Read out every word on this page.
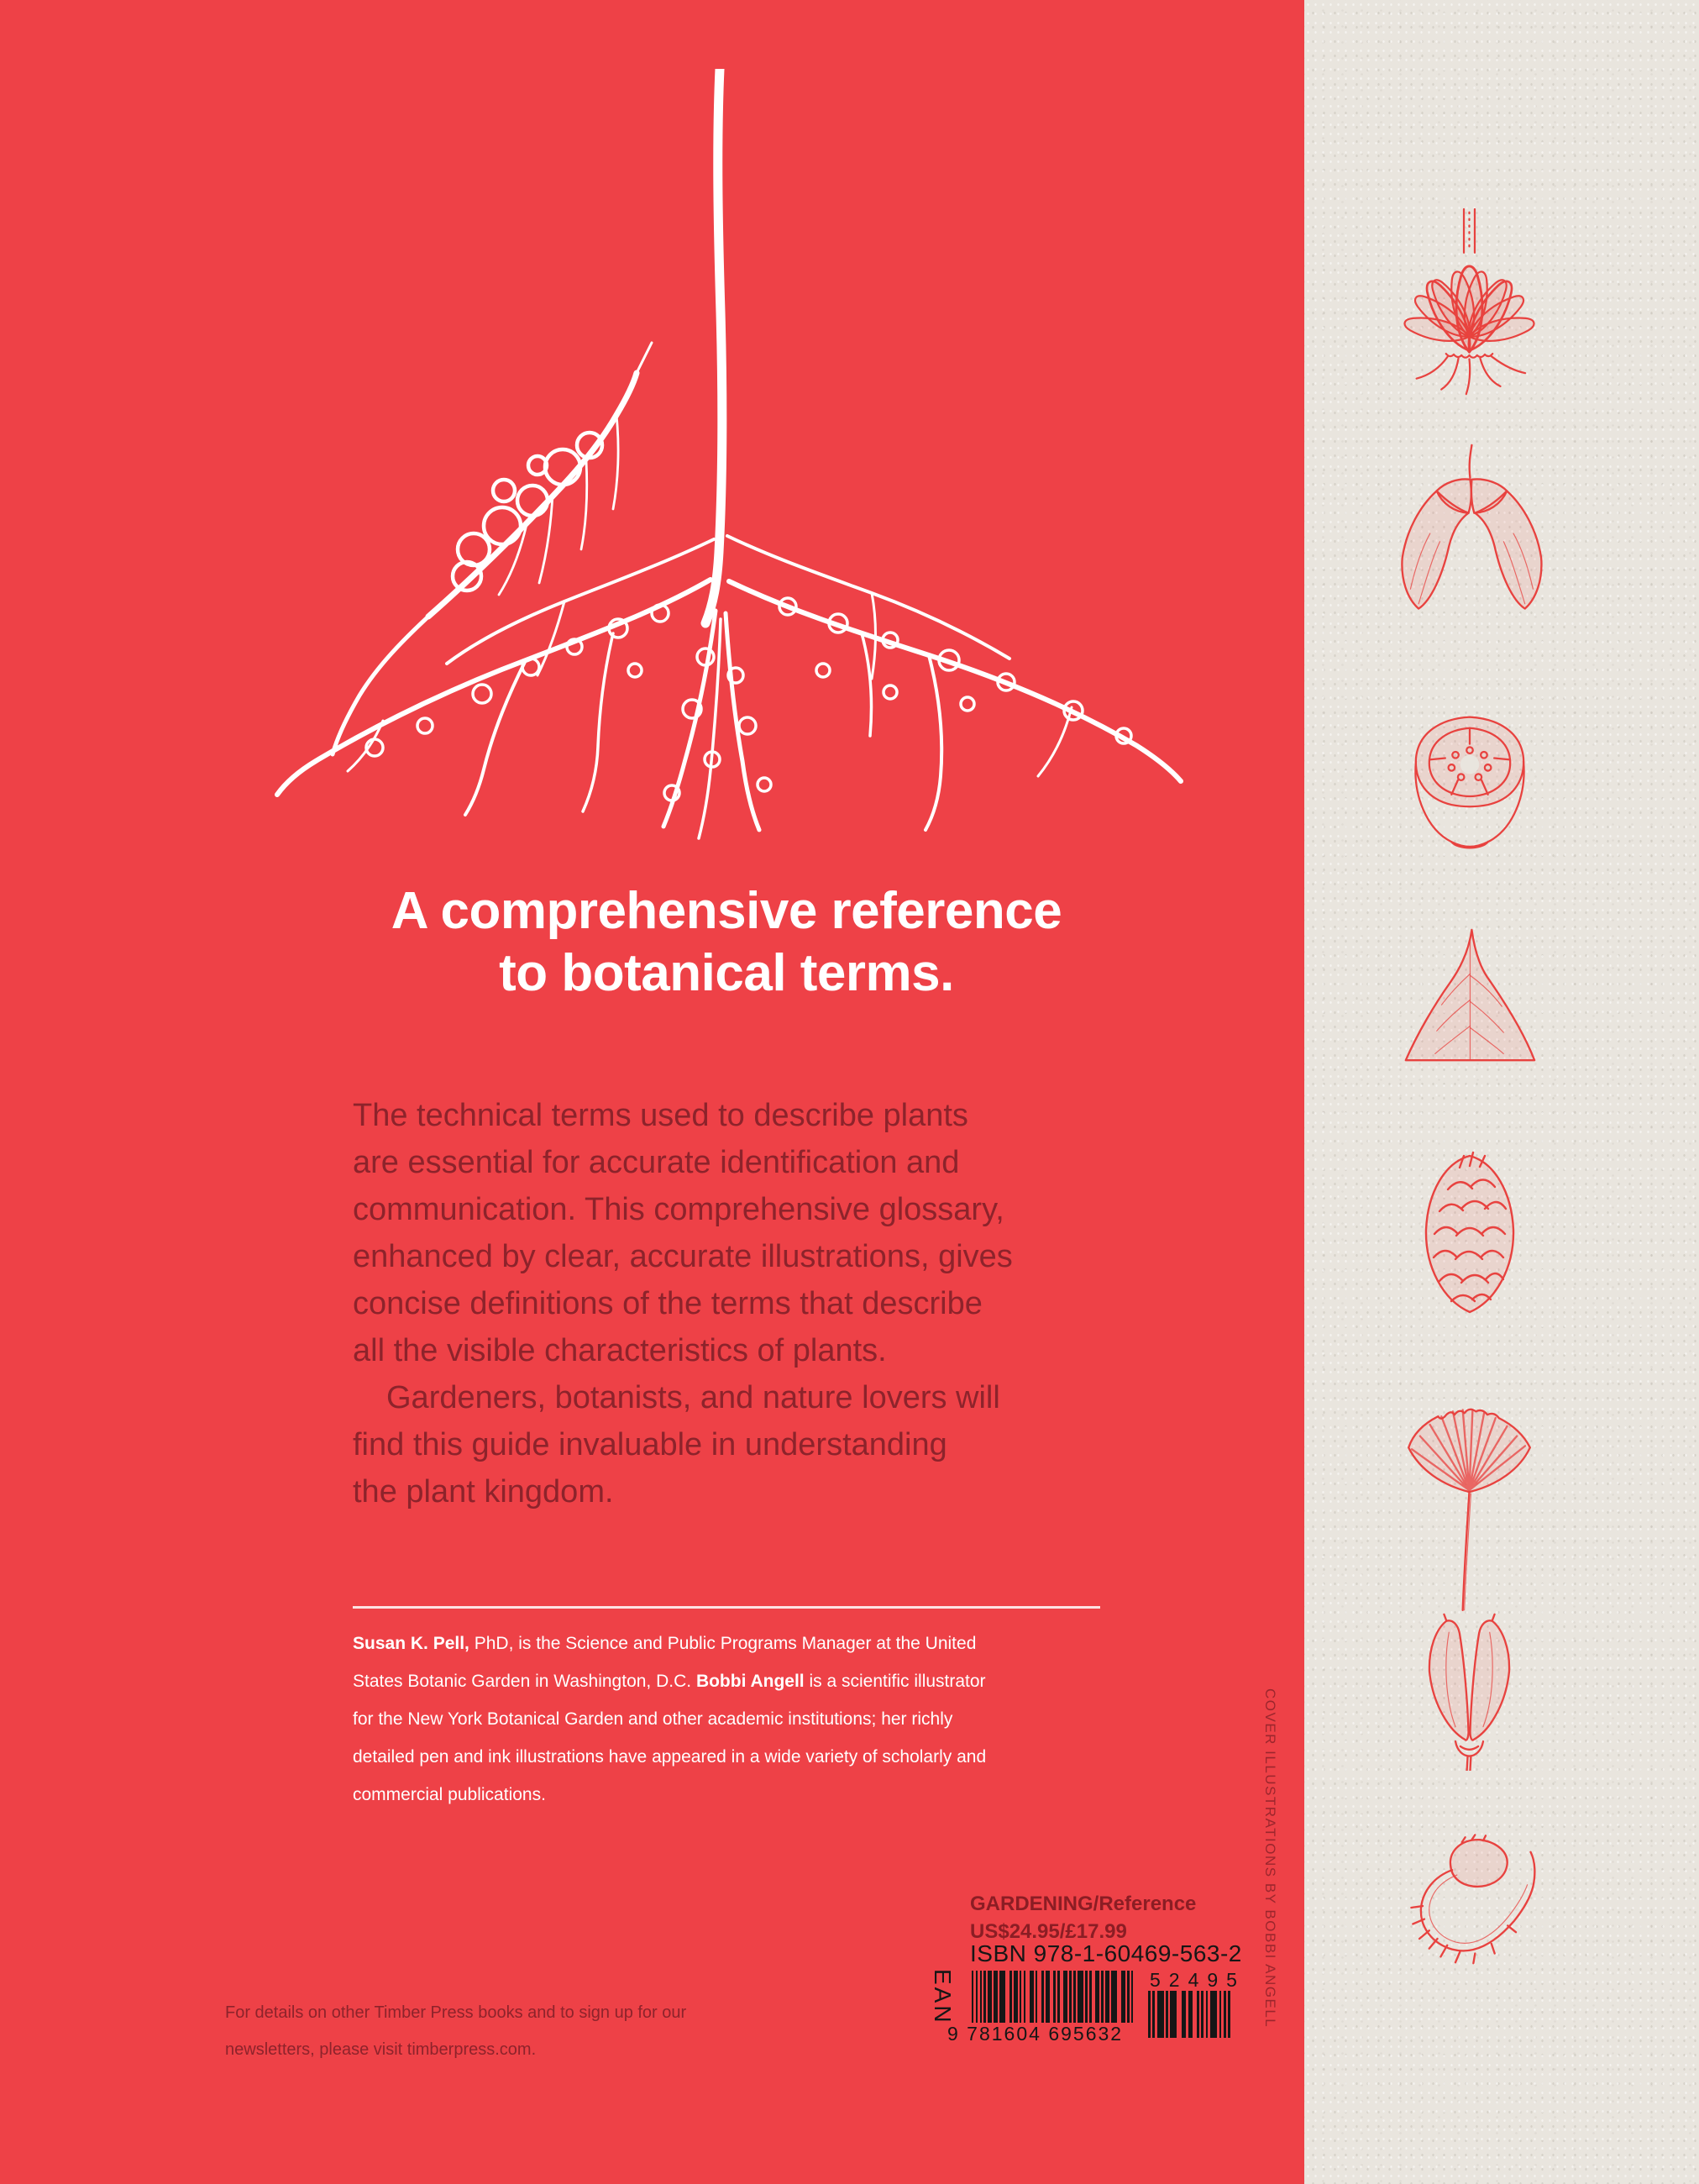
A comprehensive reference
to botanical terms.
The technical terms used to describe plants
are essential for accurate identification and
communication. This comprehensive glossary,
enhanced by clear, accurate illustrations, gives
concise definitions of the terms that describe
all the visible characteristics of plants.
Gardeners, botanists, and nature lovers will
find this guide invaluable in understanding
the plant kingdom.
Susan K. Pell, PhD, is the Science and Public Programs Manager at the United
States Botanic Garden in Washington, D.C. Bobbi Angell is a scientific illustrator
for the New York Botanical Garden and other academic institutions; her richly
detailed pen and ink illustrations have appeared in a wide variety of scholarly and
commercial publications.
For details on other Timber Press books and to sign up for our
newsletters, please visit timberpress.com.
GARDENING/Reference
US$24.95/£17.99
ISBN 978-1-60469-563-2
EAN
9 781604 695632
52495 COVER ILLUSTRATIONS BY BOBBI ANGELL
